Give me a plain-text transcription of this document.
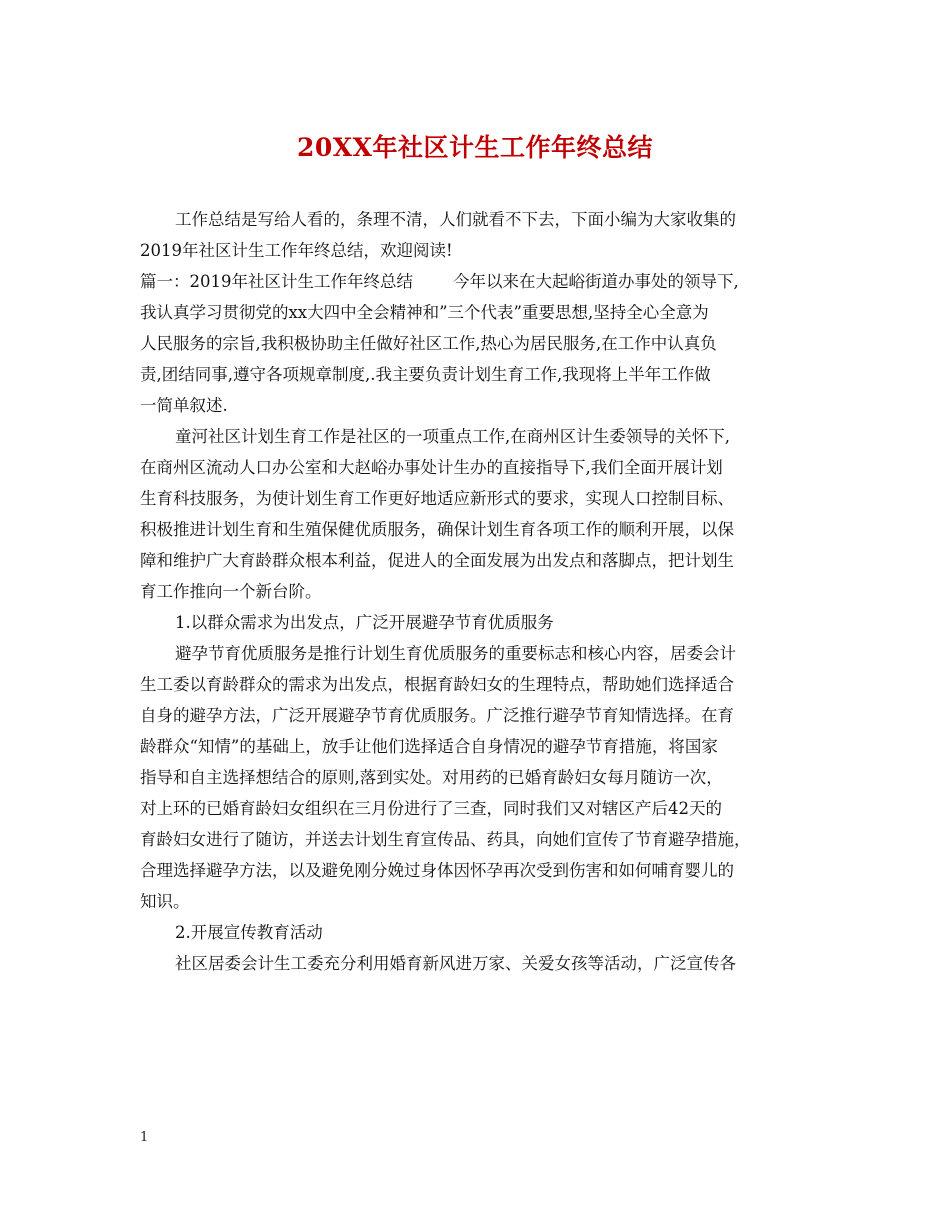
20XX年社区计生工作年终总结
工作总结是写给人看的，条理不清，人们就看不下去，下面小编为大家收集的
2019年社区计生工作年终总结，欢迎阅读!
篇一：2019年社区计生工作年终总结 今年以来在大起峪街道办事处的领导下,
我认真学习贯彻党的xx大四中全会精神和”三个代表”重要思想,坚持全心全意为
人民服务的宗旨,我积极协助主任做好社区工作,热心为居民服务,在工作中认真负
责,团结同事,遵守各项规章制度,.我主要负责计划生育工作,我现将上半年工作做
一简单叙述.
童河社区计划生育工作是社区的一项重点工作,在商州区计生委领导的关怀下,
在商州区流动人口办公室和大赵峪办事处计生办的直接指导下,我们全面开展计划
生育科技服务，为使计划生育工作更好地适应新形式的要求，实现人口控制目标、
积极推进计划生育和生殖保健优质服务，确保计划生育各项工作的顺利开展，以保
障和维护广大育龄群众根本利益，促进人的全面发展为出发点和落脚点，把计划生
育工作推向一个新台阶。
1.以群众需求为出发点，广泛开展避孕节育优质服务
避孕节育优质服务是推行计划生育优质服务的重要标志和核心内容，居委会计
生工委以育龄群众的需求为出发点，根据育龄妇女的生理特点，帮助她们选择适合
自身的避孕方法，广泛开展避孕节育优质服务。广泛推行避孕节育知情选择。在育
龄群众“知情”的基础上，放手让他们选择适合自身情况的避孕节育措施，将国家
指导和自主选择想结合的原则,落到实处。对用药的已婚育龄妇女每月随访一次，
对上环的已婚育龄妇女组织在三月份进行了三查，同时我们又对辖区产后42天的
育龄妇女进行了随访，并送去计划生育宣传品、药具，向她们宣传了节育避孕措施，
合理选择避孕方法，以及避免刚分娩过身体因怀孕再次受到伤害和如何哺育婴儿的
知识。
2.开展宣传教育活动
社区居委会计生工委充分利用婚育新风进万家、关爱女孩等活动，广泛宣传各
1
